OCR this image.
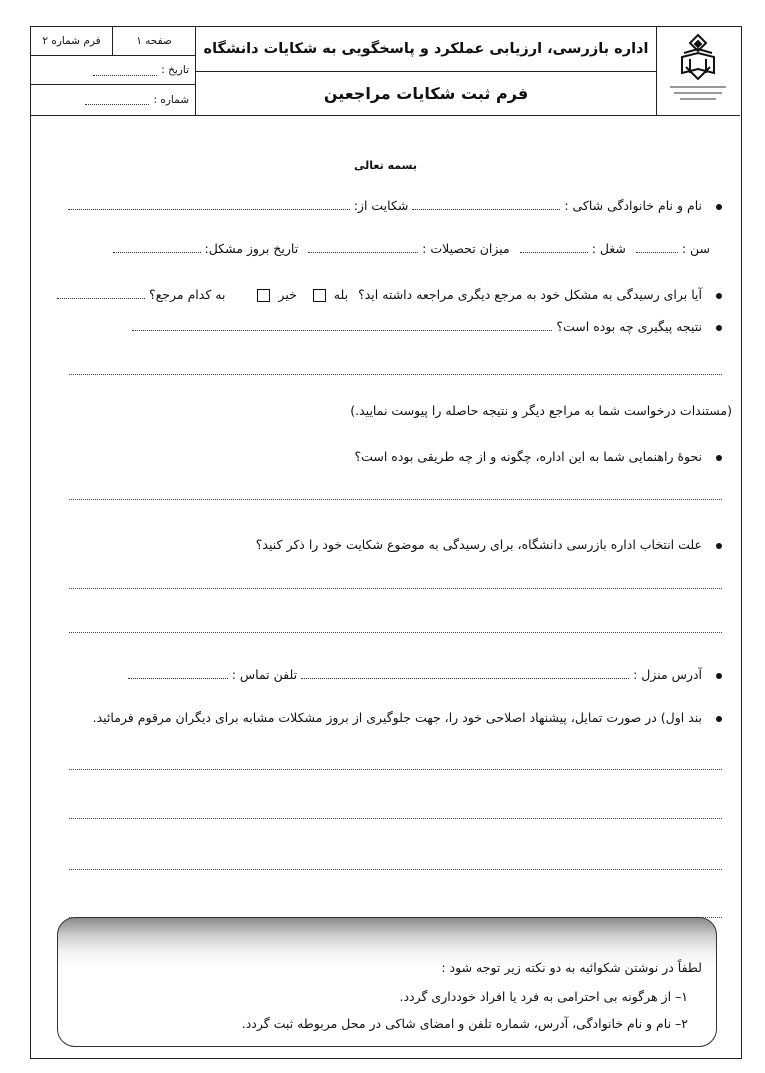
اداره بازرسی، ارزیابی عملکرد و پاسخگویی به شکایات دانشگاه
فرم ثبت شکایات مراجعین
صفحه ۱
فرم شماره ۲
تاریخ :
شماره :
بسمه تعالی
نام و نام خانوادگی شاکی :  شکایت از:
سن :  شغل :  میزان تحصیلات :  تاریخ بروز مشکل:
آیا برای رسیدگی به مشکل خود به مرجع دیگری مراجعه داشته اید؟ بله  خیر  به کدام مرجع؟
نتیجه پیگیری چه بوده است؟
(مستندات درخواست شما به مراجع دیگر و نتیجه حاصله را پیوست نمایید.)
نحوهٔ راهنمایی شما به این اداره، چگونه و از چه طریقی بوده است؟
علت انتخاب اداره بازرسی دانشگاه، برای رسیدگی به موضوع شکایت خود را ذکر کنید؟
آدرس منزل :  تلفن تماس :
بند اول) در صورت تمایل، پیشنهاد اصلاحی خود را، جهت جلوگیری از بروز مشکلات مشابه برای دیگران مرقوم فرمائید.
لطفاً در نوشتن شکوائیه به دو نکته زیر توجه شود :
۱– از هرگونه بی احترامی به فرد یا افراد خودداری گردد.
۲– نام و نام خانوادگی، آدرس، شماره تلفن و امضای شاکی در محل مربوطه ثبت گردد.
